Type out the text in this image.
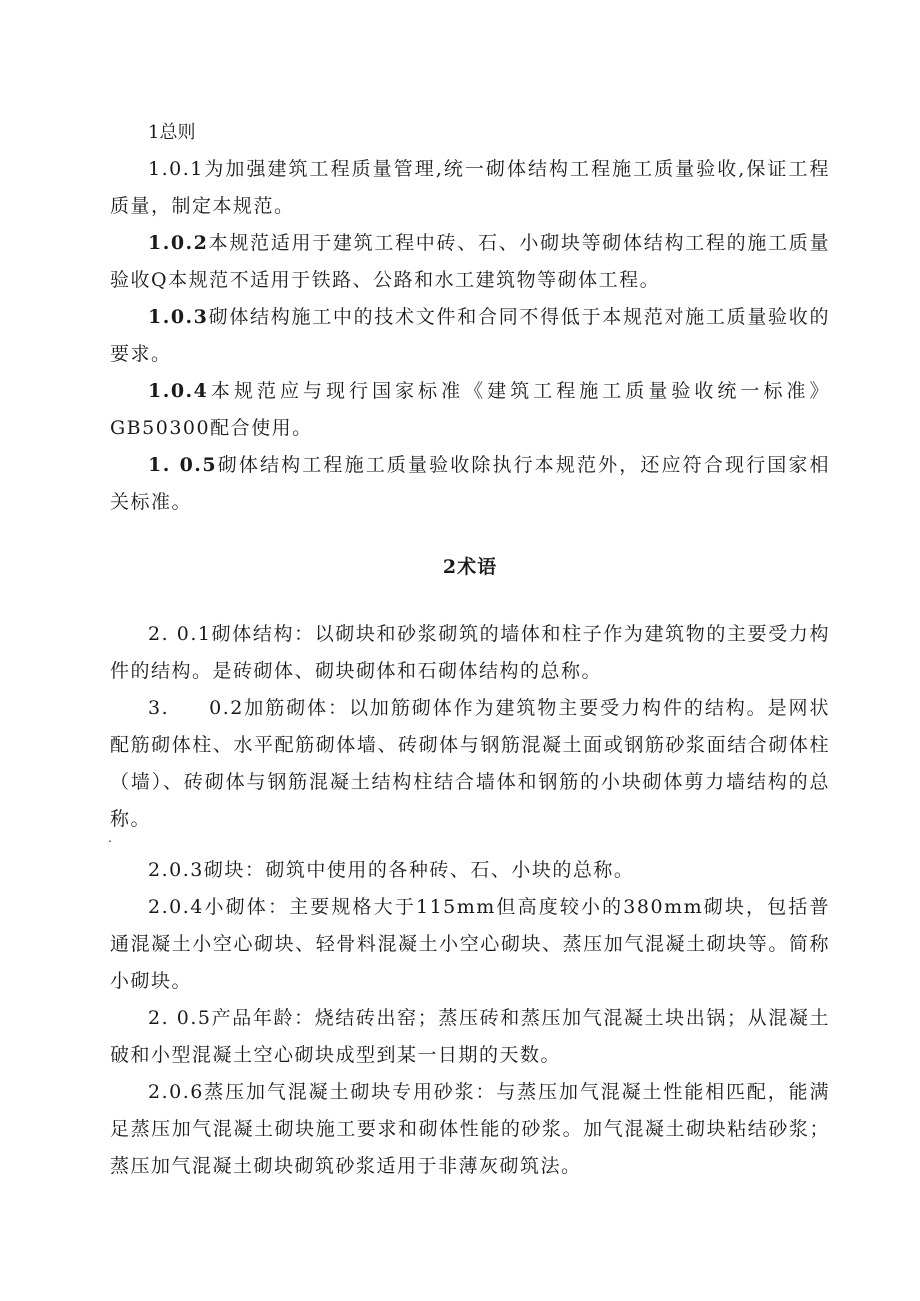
1总则

1.0.1为加强建筑工程质量管理,统一砌体结构工程施工质量验收,保证工程质量，制定本规范。

1.0.2本规范适用于建筑工程中砖、石、小砌块等砌体结构工程的施工质量验收Q本规范不适用于铁路、公路和水工建筑物等砌体工程。

1.0.3砌体结构施工中的技术文件和合同不得低于本规范对施工质量验收的要求。

1.0.4本规范应与现行国家标准《建筑工程施工质量验收统一标准》GB50300配合使用。

1. 0.5砌体结构工程施工质量验收除执行本规范外，还应符合现行国家相关标准。

2术语

2. 0.1砌体结构：以砌块和砂浆砌筑的墙体和柱子作为建筑物的主要受力构件的结构。是砖砌体、砌块砌体和石砌体结构的总称。

3. 0.2加筋砌体：以加筋砌体作为建筑物主要受力构件的结构。是网状配筋砌体柱、水平配筋砌体墙、砖砌体与钢筋混凝土面或钢筋砂浆面结合砌体柱（墙）、砖砌体与钢筋混凝土结构柱结合墙体和钢筋的小块砌体剪力墙结构的总称。

.

2.0.3砌块：砌筑中使用的各种砖、石、小块的总称。

2.0.4小砌体：主要规格大于115mm但高度较小的380mm砌块，包括普通混凝土小空心砌块、轻骨料混凝土小空心砌块、蒸压加气混凝土砌块等。简称小砌块。

2. 0.5产品年龄：烧结砖出窑；蒸压砖和蒸压加气混凝土块出锅；从混凝土破和小型混凝土空心砌块成型到某一日期的天数。

2.0.6蒸压加气混凝土砌块专用砂浆：与蒸压加气混凝土性能相匹配，能满足蒸压加气混凝土砌块施工要求和砌体性能的砂浆。加气混凝土砌块粘结砂浆；蒸压加气混凝土砌块砌筑砂浆适用于非薄灰砌筑法。
